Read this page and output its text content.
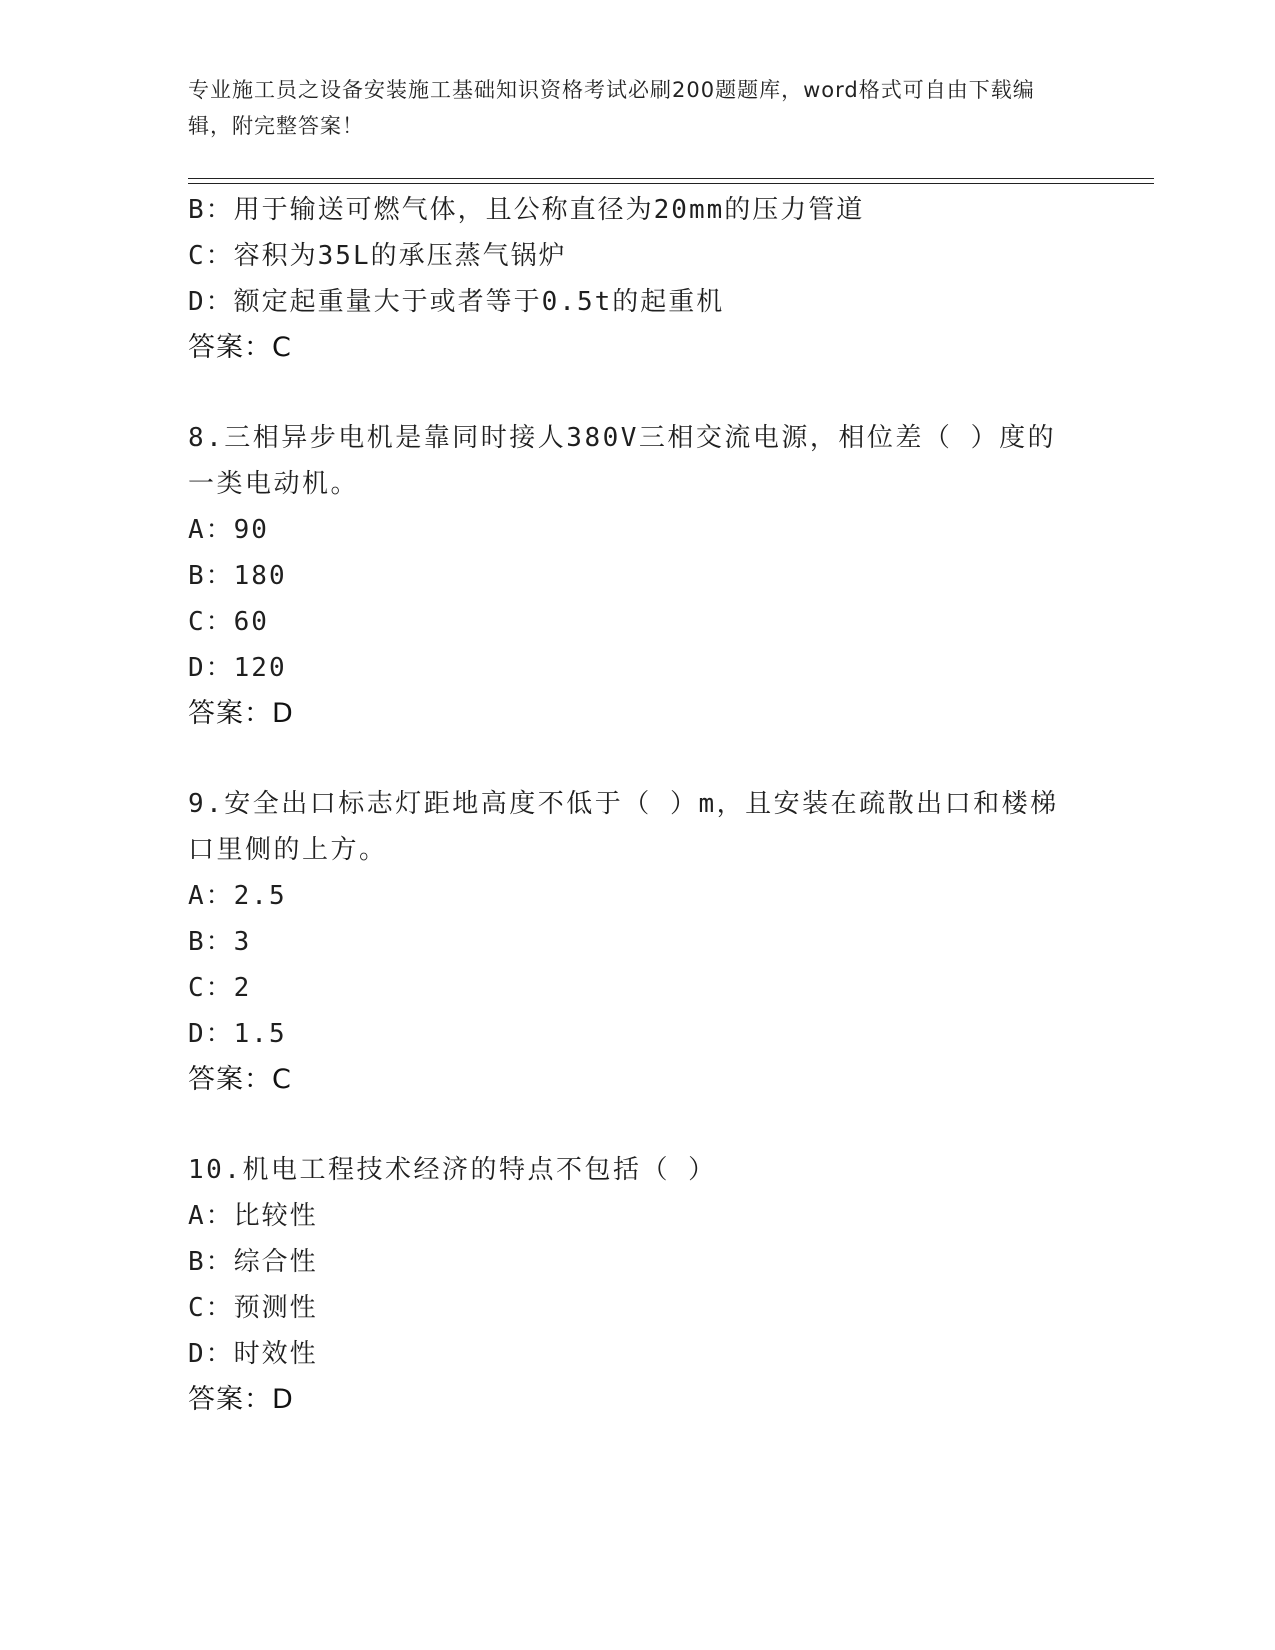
专业施工员之设备安装施工基础知识资格考试必刷200题题库，word格式可自由下载编辑，附完整答案！
B：用于输送可燃气体，且公称直径为20mm的压力管道
C：容积为35L的承压蒸气锅炉
D：额定起重量大于或者等于0.5t的起重机
答案：C
8.三相异步电机是靠同时接人380V三相交流电源，相位差（ ）度的一类电动机。
A：90
B：180
C：60
D：120
答案：D
9.安全出口标志灯距地高度不低于（ ）m，且安装在疏散出口和楼梯口里侧的上方。
A：2.5
B：3
C：2
D：1.5
答案：C
10.机电工程技术经济的特点不包括（ ）
A：比较性
B：综合性
C：预测性
D：时效性
答案：D
